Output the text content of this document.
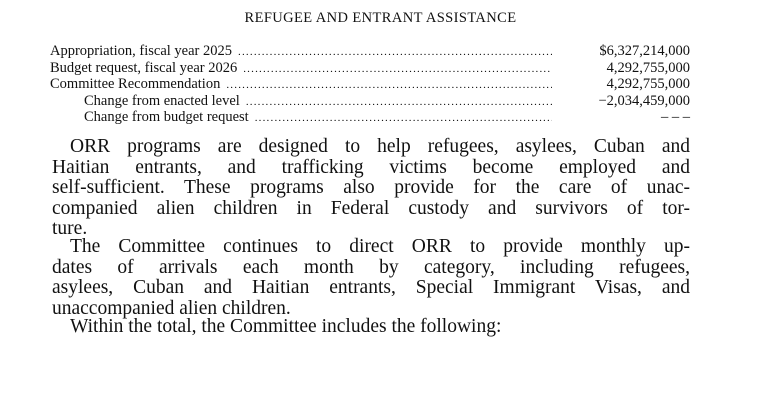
REFUGEE AND ENTRANT ASSISTANCE
Appropriation, fiscal year 2025 .....	$6,327,214,000
Budget request, fiscal year 2026 .....	4,292,755,000
Committee Recommendation .....	4,292,755,000
Change from enacted level .....	−2,034,459,000
Change from budget request .....	– – –

ORR programs are designed to help refugees, asylees, Cuban and
Haitian entrants, and trafficking victims become employed and
self-sufficient. These programs also provide for the care of unac-
companied alien children in Federal custody and survivors of tor-
ture.

The Committee continues to direct ORR to provide monthly up-
dates of arrivals each month by category, including refugees,
asylees, Cuban and Haitian entrants, Special Immigrant Visas, and
unaccompanied alien children.

Within the total, the Committee includes the following:
